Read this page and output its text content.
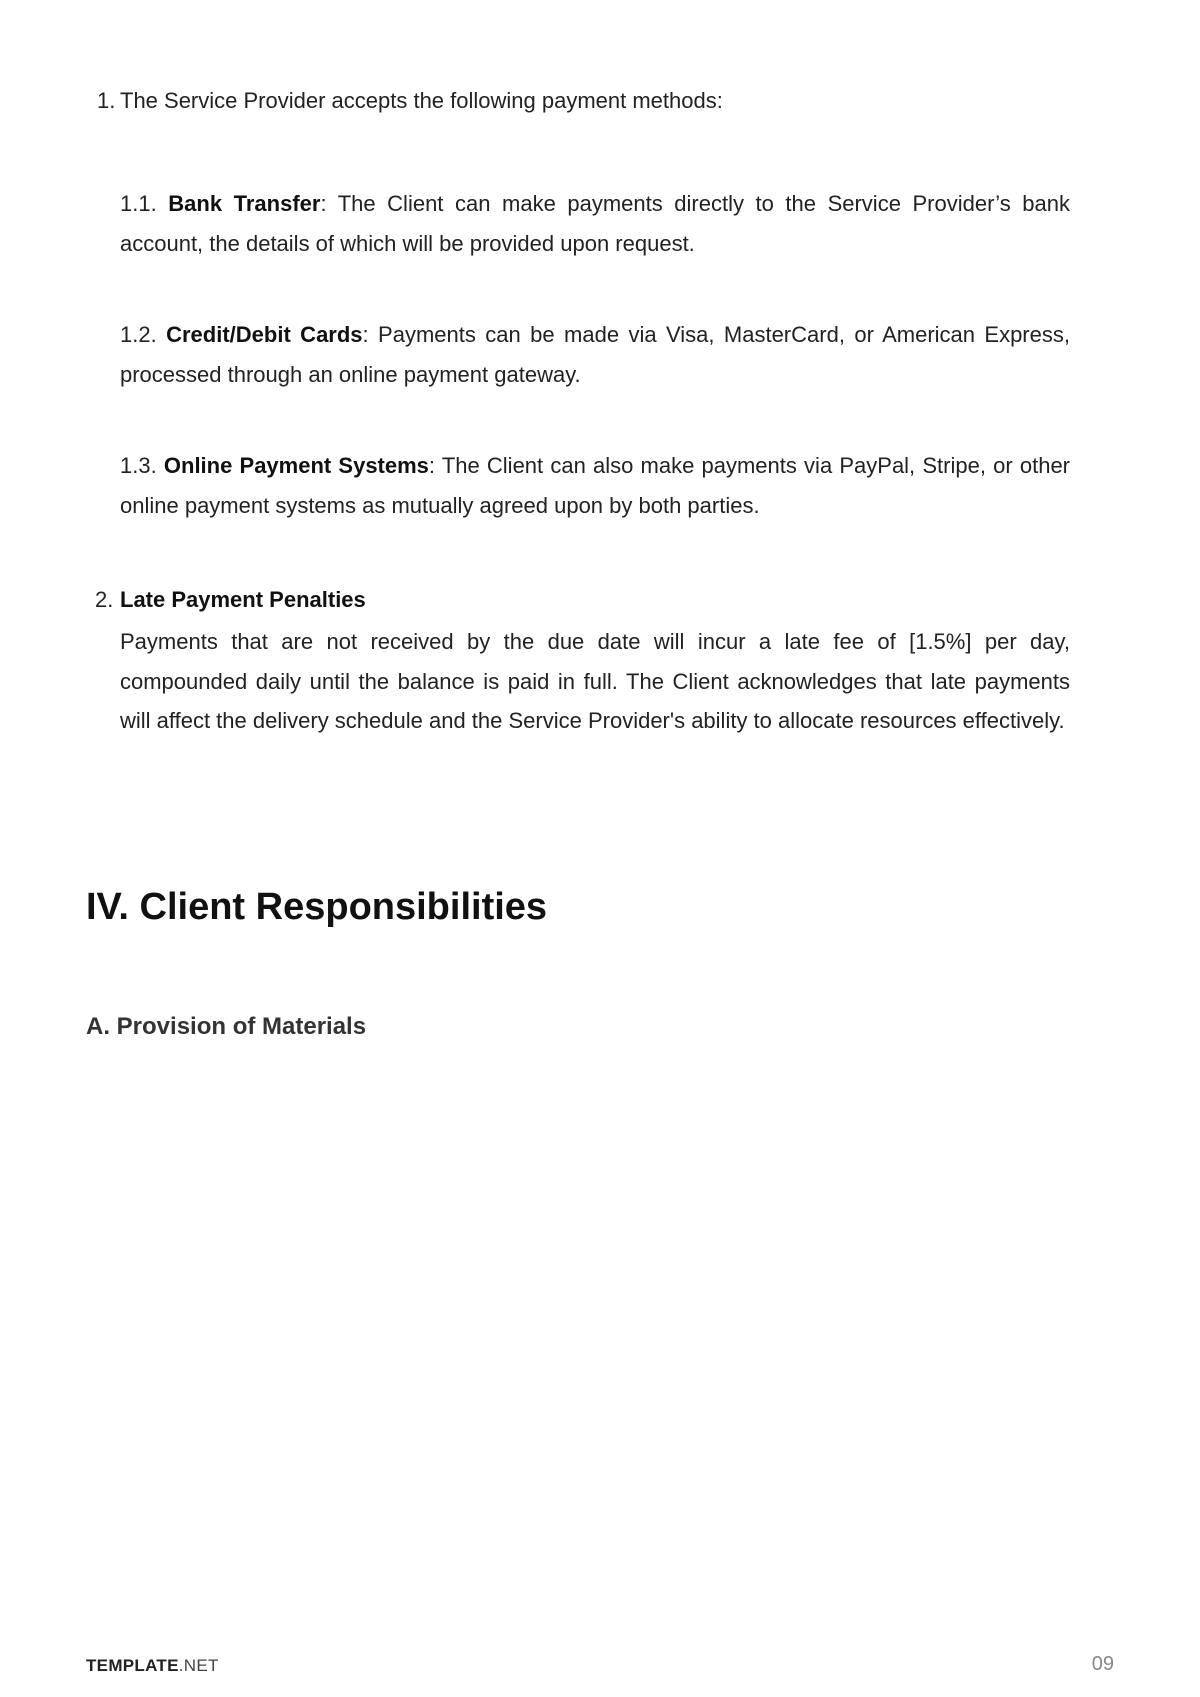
1. The Service Provider accepts the following payment methods:
1.1. Bank Transfer: The Client can make payments directly to the Service Provider’s bank account, the details of which will be provided upon request.
1.2. Credit/Debit Cards: Payments can be made via Visa, MasterCard, or American Express, processed through an online payment gateway.
1.3. Online Payment Systems: The Client can also make payments via PayPal, Stripe, or other online payment systems as mutually agreed upon by both parties.
2. Late Payment Penalties
Payments that are not received by the due date will incur a late fee of [1.5%] per day, compounded daily until the balance is paid in full. The Client acknowledges that late payments will affect the delivery schedule and the Service Provider's ability to allocate resources effectively.
IV. Client Responsibilities
A. Provision of Materials
TEMPLATE.NET	09
